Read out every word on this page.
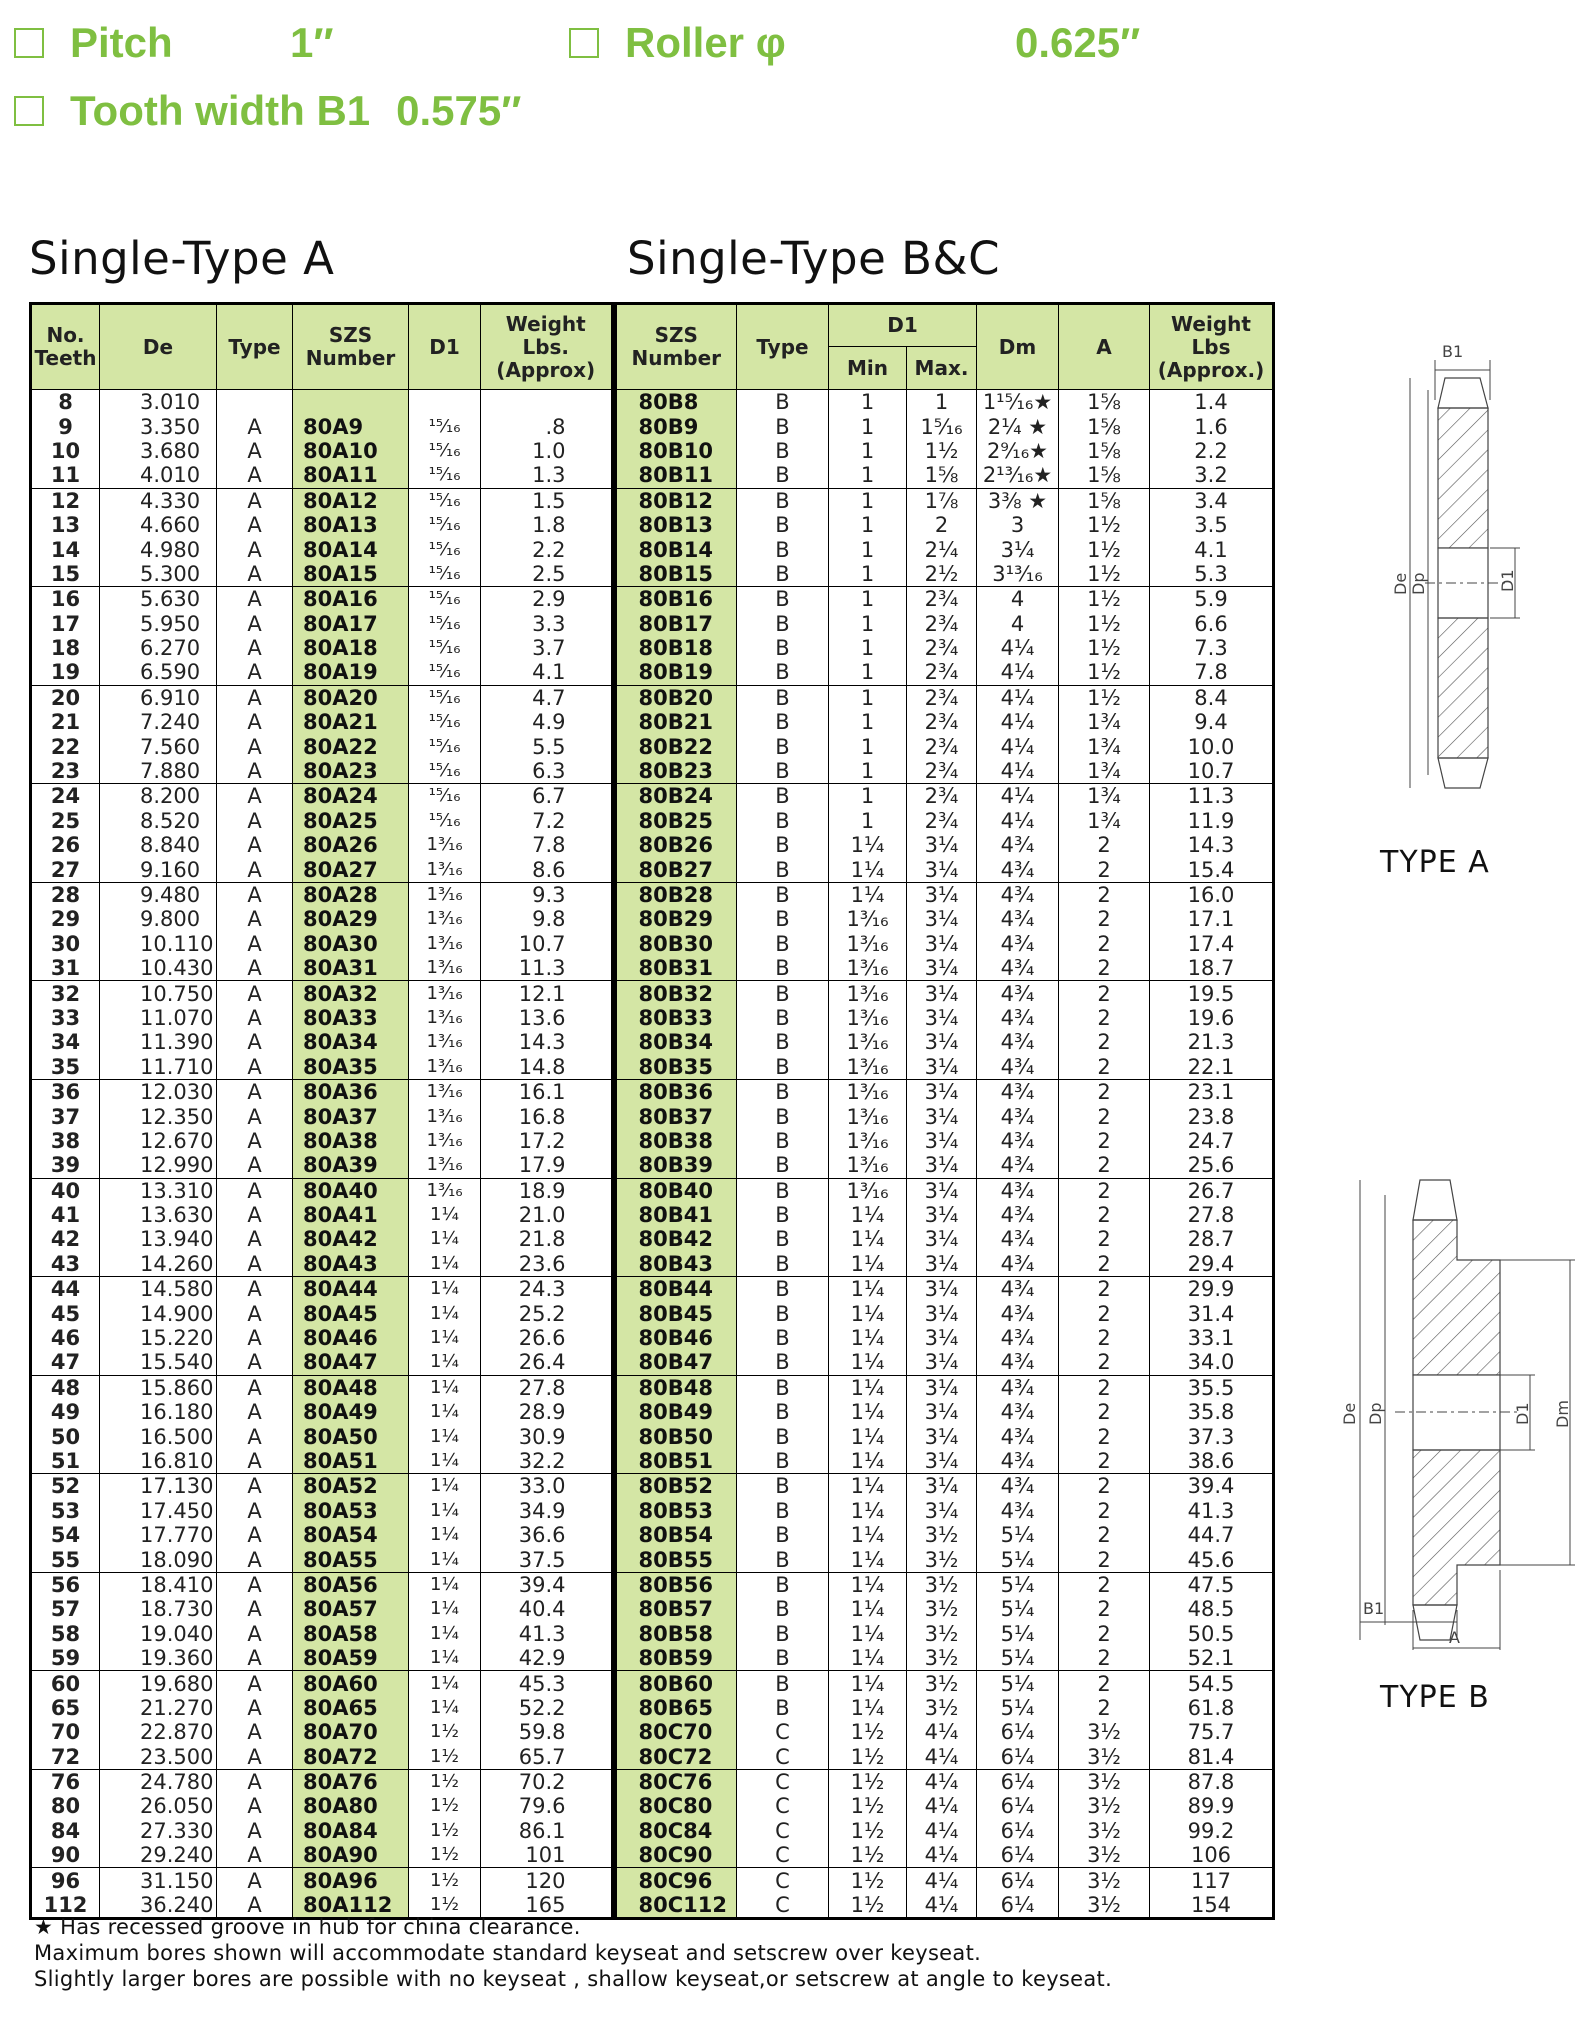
Pitch	1″	Roller φ	0.625″
Tooth width B1 0.575″
Single-Type A	Single-Type B&C
No. Teeth	De	Type	SZS Number	D1	Weight Lbs. (Approx)	SZS Number	Type	D1		Dm	A	Weight Lbs (Approx.)
								Min	Max.			
8	3.010					80B8	B	1	1	1¹⁵⁄₁₆★	1⅝	1.4
9	3.350	A	80A9	¹⁵⁄₁₆	.8	80B9	B	1	1⁵⁄₁₆	2¼ ★	1⅝	1.6
10	3.680	A	80A10	¹⁵⁄₁₆	1.0	80B10	B	1	1½	2⁹⁄₁₆★	1⅝	2.2
11	4.010	A	80A11	¹⁵⁄₁₆	1.3	80B11	B	1	1⅝	2¹³⁄₁₆★	1⅝	3.2
12	4.330	A	80A12	¹⁵⁄₁₆	1.5	80B12	B	1	1⅞	3⅜ ★	1⅝	3.4
13	4.660	A	80A13	¹⁵⁄₁₆	1.8	80B13	B	1	2	3	1½	3.5
14	4.980	A	80A14	¹⁵⁄₁₆	2.2	80B14	B	1	2¼	3¼	1½	4.1
15	5.300	A	80A15	¹⁵⁄₁₆	2.5	80B15	B	1	2½	3¹³⁄₁₆	1½	5.3
16	5.630	A	80A16	¹⁵⁄₁₆	2.9	80B16	B	1	2¾	4	1½	5.9
17	5.950	A	80A17	¹⁵⁄₁₆	3.3	80B17	B	1	2¾	4	1½	6.6
18	6.270	A	80A18	¹⁵⁄₁₆	3.7	80B18	B	1	2¾	4¼	1½	7.3
19	6.590	A	80A19	¹⁵⁄₁₆	4.1	80B19	B	1	2¾	4¼	1½	7.8
20	6.910	A	80A20	¹⁵⁄₁₆	4.7	80B20	B	1	2¾	4¼	1½	8.4
21	7.240	A	80A21	¹⁵⁄₁₆	4.9	80B21	B	1	2¾	4¼	1¾	9.4
22	7.560	A	80A22	¹⁵⁄₁₆	5.5	80B22	B	1	2¾	4¼	1¾	10.0
23	7.880	A	80A23	¹⁵⁄₁₆	6.3	80B23	B	1	2¾	4¼	1¾	10.7
24	8.200	A	80A24	¹⁵⁄₁₆	6.7	80B24	B	1	2¾	4¼	1¾	11.3
25	8.520	A	80A25	¹⁵⁄₁₆	7.2	80B25	B	1	2¾	4¼	1¾	11.9
26	8.840	A	80A26	1³⁄₁₆	7.8	80B26	B	1¼	3¼	4¾	2	14.3
27	9.160	A	80A27	1³⁄₁₆	8.6	80B27	B	1¼	3¼	4¾	2	15.4
28	9.480	A	80A28	1³⁄₁₆	9.3	80B28	B	1¼	3¼	4¾	2	16.0
29	9.800	A	80A29	1³⁄₁₆	9.8	80B29	B	1³⁄₁₆	3¼	4¾	2	17.1
30	10.110	A	80A30	1³⁄₁₆	10.7	80B30	B	1³⁄₁₆	3¼	4¾	2	17.4
31	10.430	A	80A31	1³⁄₁₆	11.3	80B31	B	1³⁄₁₆	3¼	4¾	2	18.7
32	10.750	A	80A32	1³⁄₁₆	12.1	80B32	B	1³⁄₁₆	3¼	4¾	2	19.5
33	11.070	A	80A33	1³⁄₁₆	13.6	80B33	B	1³⁄₁₆	3¼	4¾	2	19.6
34	11.390	A	80A34	1³⁄₁₆	14.3	80B34	B	1³⁄₁₆	3¼	4¾	2	21.3
35	11.710	A	80A35	1³⁄₁₆	14.8	80B35	B	1³⁄₁₆	3¼	4¾	2	22.1
36	12.030	A	80A36	1³⁄₁₆	16.1	80B36	B	1³⁄₁₆	3¼	4¾	2	23.1
37	12.350	A	80A37	1³⁄₁₆	16.8	80B37	B	1³⁄₁₆	3¼	4¾	2	23.8
38	12.670	A	80A38	1³⁄₁₆	17.2	80B38	B	1³⁄₁₆	3¼	4¾	2	24.7
39	12.990	A	80A39	1³⁄₁₆	17.9	80B39	B	1³⁄₁₆	3¼	4¾	2	25.6
40	13.310	A	80A40	1³⁄₁₆	18.9	80B40	B	1³⁄₁₆	3¼	4¾	2	26.7
41	13.630	A	80A41	1¼	21.0	80B41	B	1¼	3¼	4¾	2	27.8
42	13.940	A	80A42	1¼	21.8	80B42	B	1¼	3¼	4¾	2	28.7
43	14.260	A	80A43	1¼	23.6	80B43	B	1¼	3¼	4¾	2	29.4
44	14.580	A	80A44	1¼	24.3	80B44	B	1¼	3¼	4¾	2	29.9
45	14.900	A	80A45	1¼	25.2	80B45	B	1¼	3¼	4¾	2	31.4
46	15.220	A	80A46	1¼	26.6	80B46	B	1¼	3¼	4¾	2	33.1
47	15.540	A	80A47	1¼	26.4	80B47	B	1¼	3¼	4¾	2	34.0
48	15.860	A	80A48	1¼	27.8	80B48	B	1¼	3¼	4¾	2	35.5
49	16.180	A	80A49	1¼	28.9	80B49	B	1¼	3¼	4¾	2	35.8
50	16.500	A	80A50	1¼	30.9	80B50	B	1¼	3¼	4¾	2	37.3
51	16.810	A	80A51	1¼	32.2	80B51	B	1¼	3¼	4¾	2	38.6
52	17.130	A	80A52	1¼	33.0	80B52	B	1¼	3¼	4¾	2	39.4
53	17.450	A	80A53	1¼	34.9	80B53	B	1¼	3¼	4¾	2	41.3
54	17.770	A	80A54	1¼	36.6	80B54	B	1¼	3½	5¼	2	44.7
55	18.090	A	80A55	1¼	37.5	80B55	B	1¼	3½	5¼	2	45.6
56	18.410	A	80A56	1¼	39.4	80B56	B	1¼	3½	5¼	2	47.5
57	18.730	A	80A57	1¼	40.4	80B57	B	1¼	3½	5¼	2	48.5
58	19.040	A	80A58	1¼	41.3	80B58	B	1¼	3½	5¼	2	50.5
59	19.360	A	80A59	1¼	42.9	80B59	B	1¼	3½	5¼	2	52.1
60	19.680	A	80A60	1¼	45.3	80B60	B	1¼	3½	5¼	2	54.5
65	21.270	A	80A65	1¼	52.2	80B65	B	1¼	3½	5¼	2	61.8
70	22.870	A	80A70	1½	59.8	80C70	C	1½	4¼	6¼	3½	75.7
72	23.500	A	80A72	1½	65.7	80C72	C	1½	4¼	6¼	3½	81.4
76	24.780	A	80A76	1½	70.2	80C76	C	1½	4¼	6¼	3½	87.8
80	26.050	A	80A80	1½	79.6	80C80	C	1½	4¼	6¼	3½	89.9
84	27.330	A	80A84	1½	86.1	80C84	C	1½	4¼	6¼	3½	99.2
90	29.240	A	80A90	1½	101	80C90	C	1½	4¼	6¼	3½	106
96	31.150	A	80A96	1½	120	80C96	C	1½	4¼	6¼	3½	117
112	36.240	A	80A112	1½	165	80C112	C	1½	4¼	6¼	3½	154
★ Has recessed groove in hub for china clearance.
Maximum bores shown will accommodate standard keyseat and setscrew over keyseat.
Slightly larger bores are possible with no keyseat , shallow keyseat,or setscrew at angle to keyseat.
B1
De Dp	D1
TYPE A
De Dp	D1 Dm
B1
A
TYPE B
